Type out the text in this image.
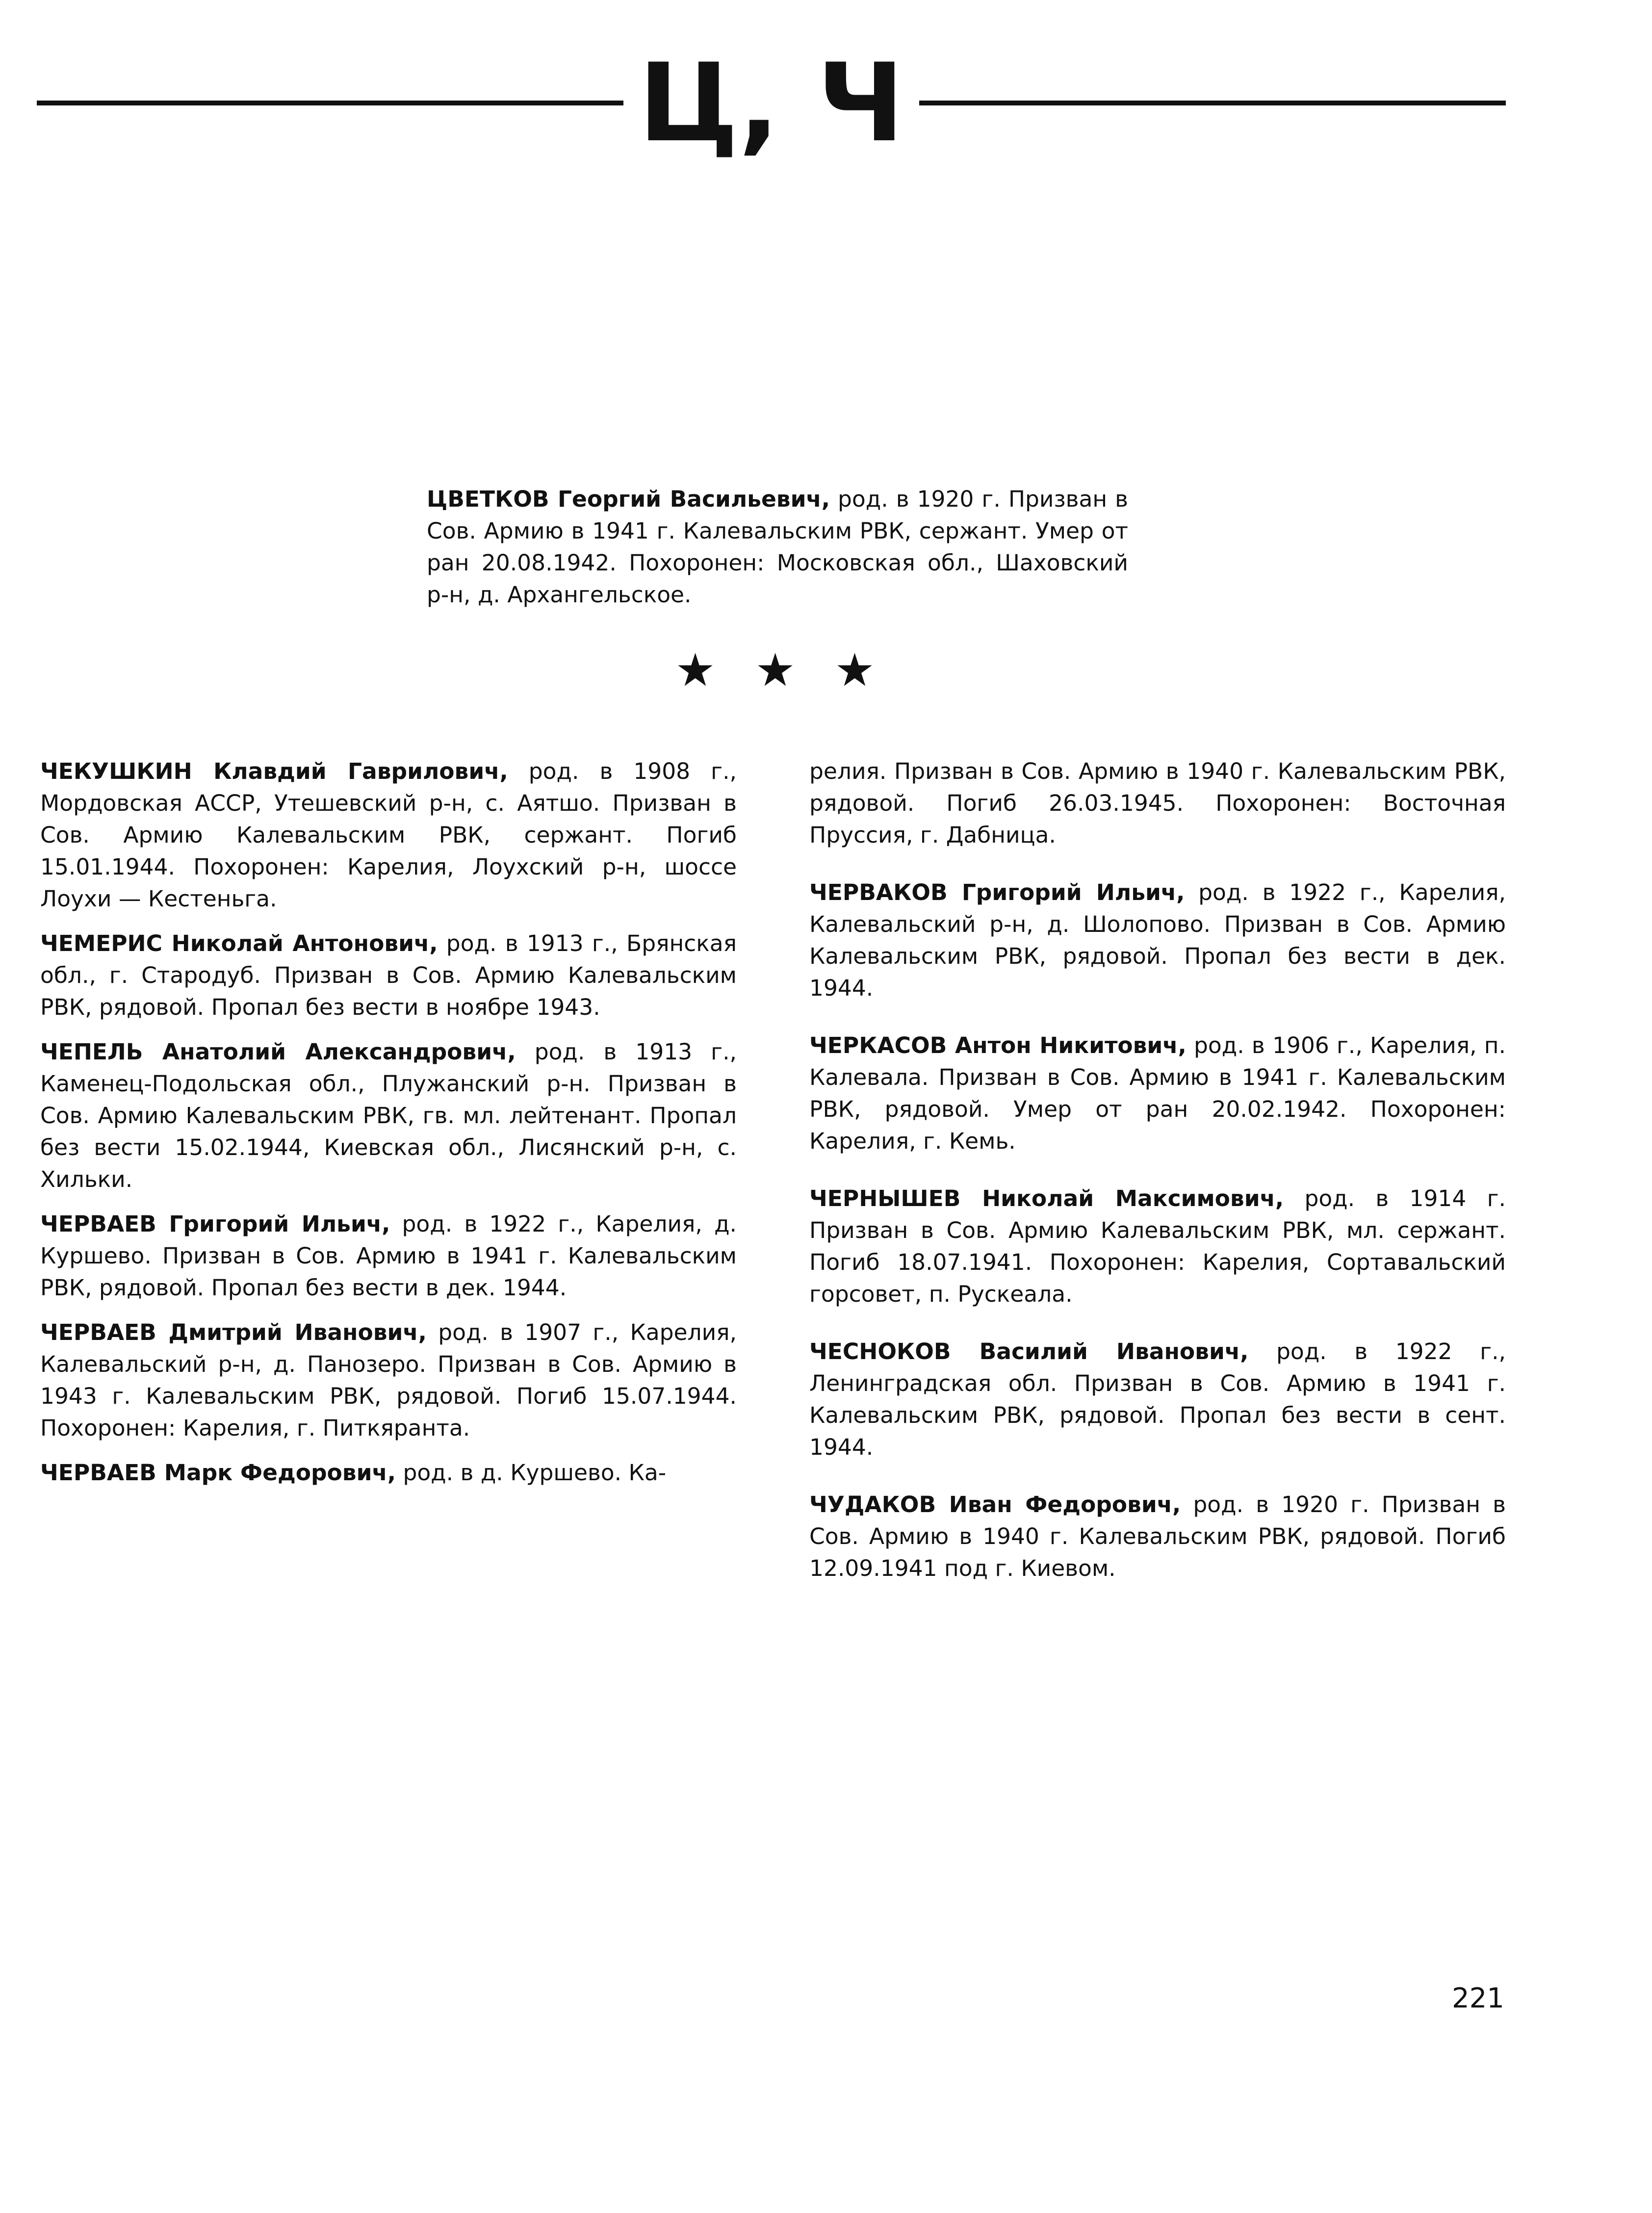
Ц, Ч

ЦВЕТКОВ Георгий Васильевич, род. в 1920 г. Призван в Сов. Армию в 1941 г. Калевальским РВК, сержант. Умер от ран 20.08.1942. Похоронен: Московская обл., Шаховский р-н, д. Архангельское.

ЧЕКУШКИН Клавдий Гаврилович, род. в 1908 г., Мордовская АССР, Утешевский р-н, с. Аятшо. Призван в Сов. Армию Калевальским РВК, сержант. Погиб 15.01.1944. Похоронен: Карелия, Лоухский р-н, шоссе Лоухи — Кестеньга.

ЧЕМЕРИС Николай Антонович, род. в 1913 г., Брянская обл., г. Стародуб. Призван в Сов. Армию Калевальским РВК, рядовой. Пропал без вести в ноябре 1943.

ЧЕПЕЛЬ Анатолий Александрович, род. в 1913 г., Каменец-Подольская обл., Плужанский р-н. Призван в Сов. Армию Калевальским РВК, гв. мл. лейтенант. Пропал без вести 15.02.1944, Киевская обл., Лисянский р-н, с. Хильки.

ЧЕРВАЕВ Григорий Ильич, род. в 1922 г., Карелия, д. Куршево. Призван в Сов. Армию в 1941 г. Калевальским РВК, рядовой. Пропал без вести в дек. 1944.

ЧЕРВАЕВ Дмитрий Иванович, род. в 1907 г., Карелия, Калевальский р-н, д. Панозеро. Призван в Сов. Армию в 1943 г. Калевальским РВК, рядовой. Погиб 15.07.1944. Похоронен: Карелия, г. Питкяранта.

ЧЕРВАЕВ Марк Федорович, род. в д. Куршево. Ка-

релия. Призван в Сов. Армию в 1940 г. Калевальским РВК, рядовой. Погиб 26.03.1945. Похоронен: Восточная Пруссия, г. Дабница.

ЧЕРВАКОВ Григорий Ильич, род. в 1922 г., Карелия, Калевальский р-н, д. Шолопово. Призван в Сов. Армию Калевальским РВК, рядовой. Пропал без вести в дек. 1944.

ЧЕРКАСОВ Антон Никитович, род. в 1906 г., Карелия, п. Калевала. Призван в Сов. Армию в 1941 г. Калевальским РВК, рядовой. Умер от ран 20.02.1942. Похоронен: Карелия, г. Кемь.

ЧЕРНЫШЕВ Николай Максимович, род. в 1914 г. Призван в Сов. Армию Калевальским РВК, мл. сержант. Погиб 18.07.1941. Похоронен: Карелия, Сортавальский горсовет, п. Рускеала.

ЧЕСНОКОВ Василий Иванович, род. в 1922 г., Ленинградская обл. Призван в Сов. Армию в 1941 г. Калевальским РВК, рядовой. Пропал без вести в сент. 1944.

ЧУДАКОВ Иван Федорович, род. в 1920 г. Призван в Сов. Армию в 1940 г. Калевальским РВК, рядовой. Погиб 12.09.1941 под г. Киевом.

221
